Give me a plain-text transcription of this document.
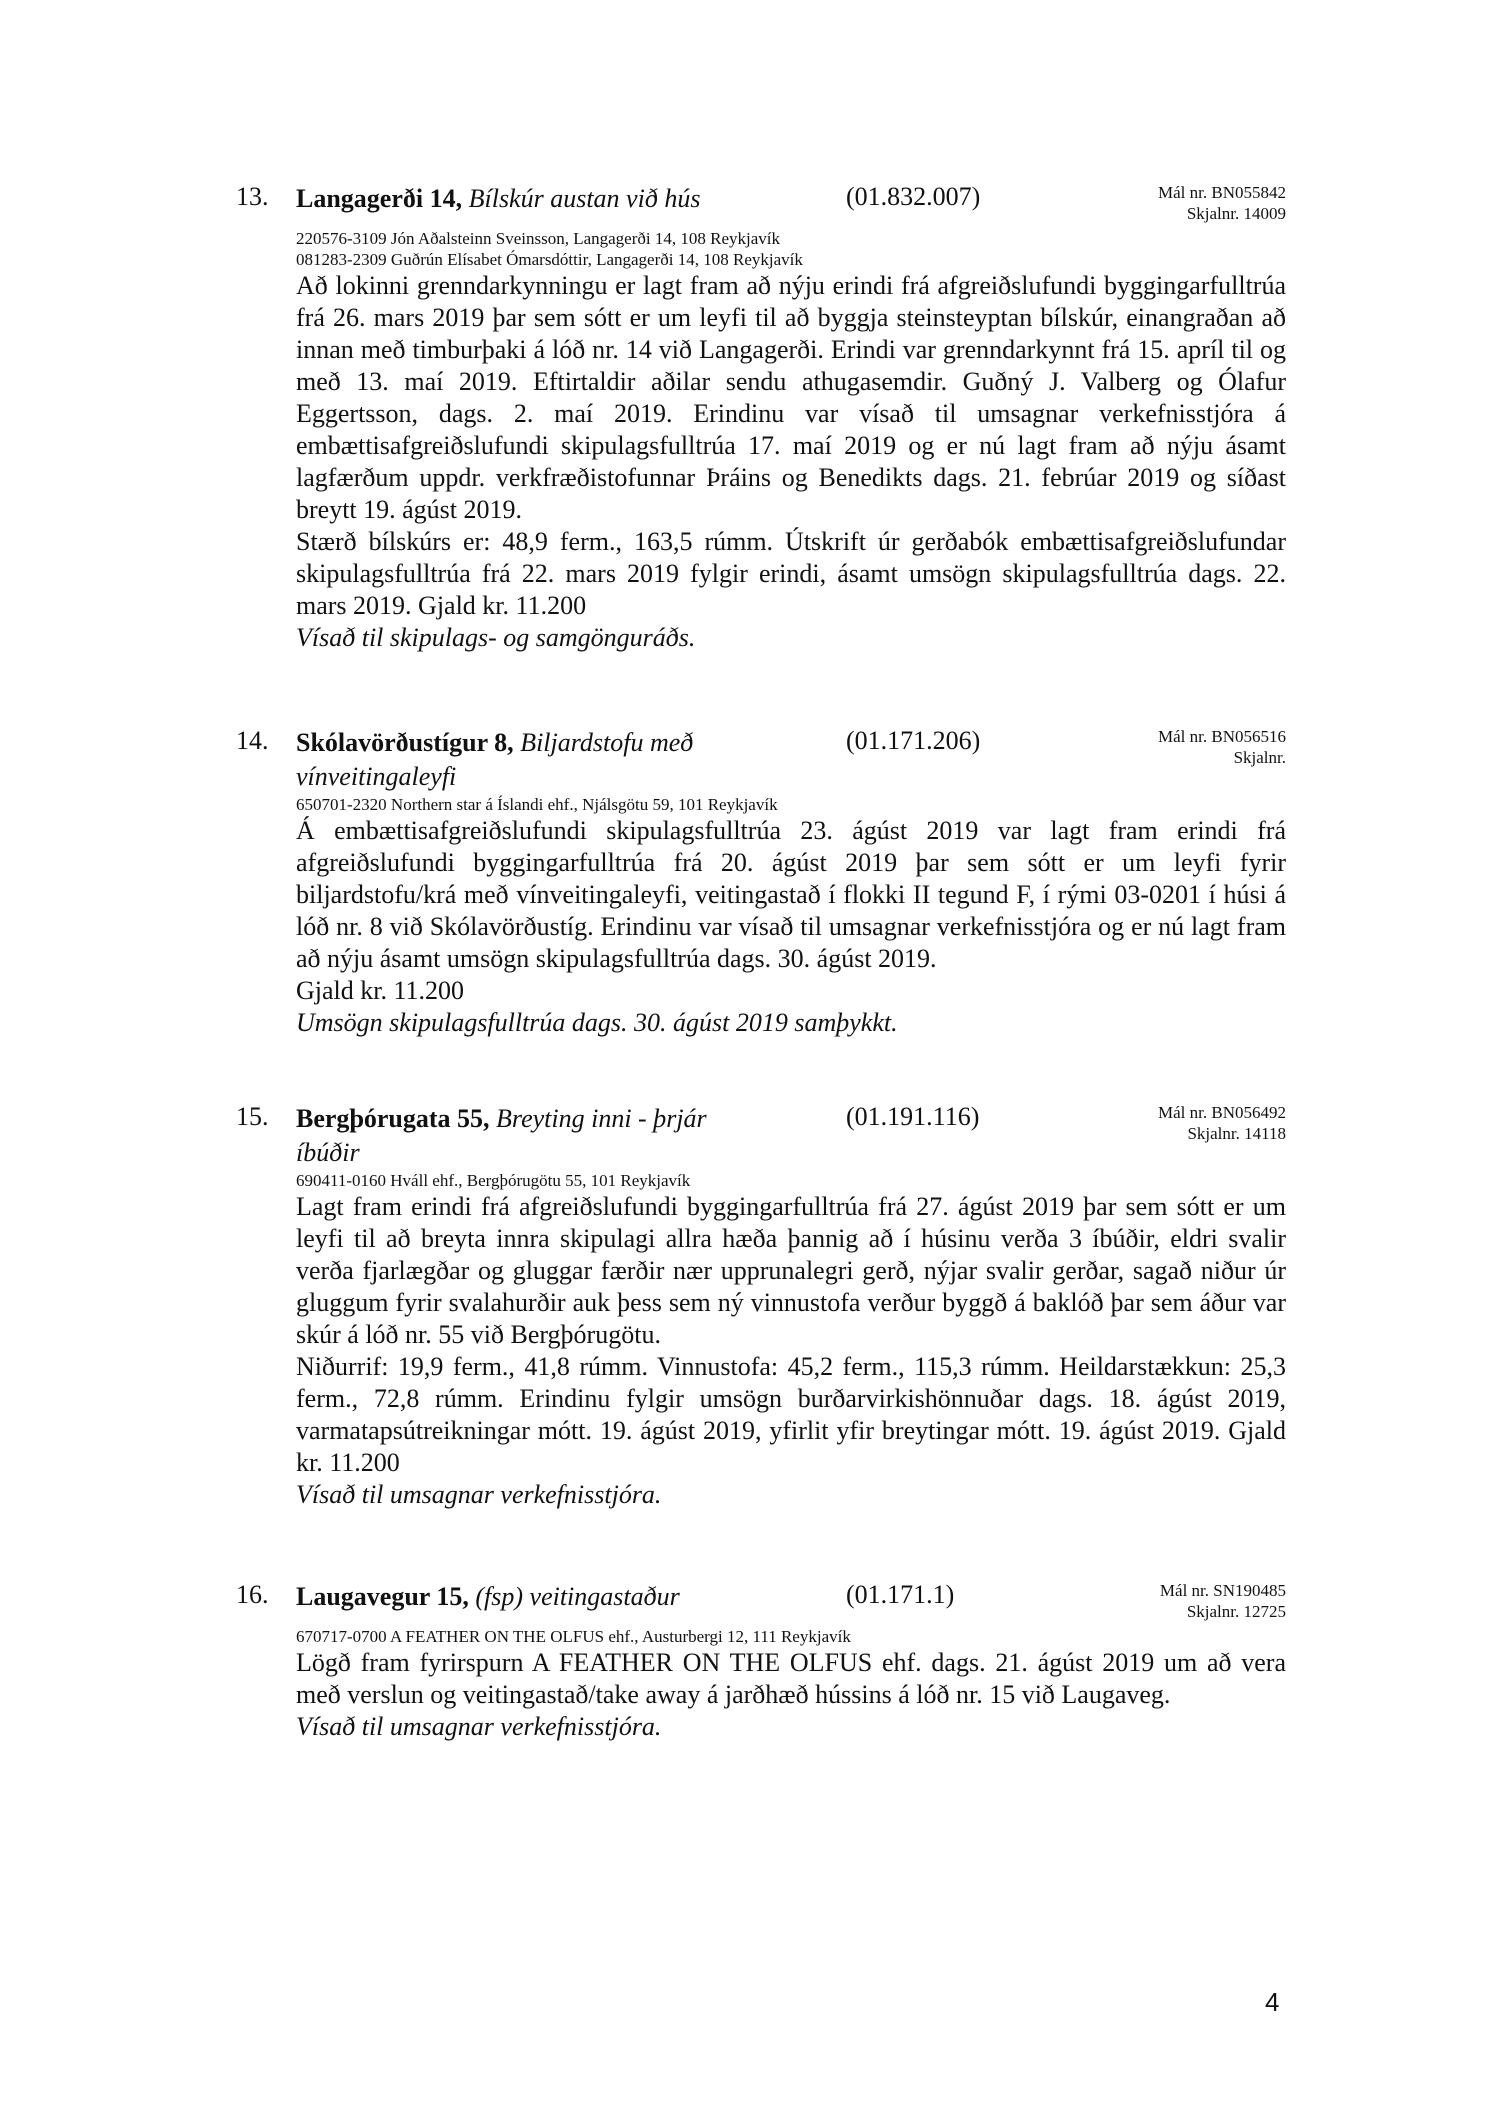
13. Langagerði 14, Bílskúr austan við hús	(01.832.007)	Mál nr. BN055842
Skjalnr. 14009
220576-3109 Jón Aðalsteinn Sveinsson, Langagerði 14, 108 Reykjavík
081283-2309 Guðrún Elísabet Ómarsdóttir, Langagerði 14, 108 Reykjavík

Að lokinni grenndarkynningu er lagt fram að nýju erindi frá afgreiðslufundi byggingarfulltrúa frá 26. mars 2019 þar sem sótt er um leyfi til að byggja steinsteyptan bílskúr, einangraðan að innan með timburþaki á lóð nr. 14 við Langagerði. Erindi var grenndarkynnt frá 15. apríl til og með 13. maí 2019. Eftirtaldir aðilar sendu athugasemdir. Guðný J. Valberg og Ólafur Eggertsson, dags. 2. maí 2019. Erindinu var vísað til umsagnar verkefnisstjóra á embættisafgreiðslufundi skipulagsfulltrúa 17. maí 2019 og er nú lagt fram að nýju ásamt lagfærðum uppdr. verkfræðistofunnar Þráins og Benedikts dags. 21. febrúar 2019 og síðast breytt 19. ágúst 2019.

Stærð bílskúrs er: 48,9 ferm., 163,5 rúmm. Útskrift úr gerðabók embættisafgreiðslufundar skipulagsfulltrúa frá 22. mars 2019 fylgir erindi, ásamt umsögn skipulagsfulltrúa dags. 22. mars 2019. Gjald kr. 11.200

Vísað til skipulags- og samgönguráðs.
14. Skólavörðustígur 8, Biljardstofu með vínveitingaleyfi
(01.171.206)	Mál nr. BN056516
Skjalnr.
650701-2320 Northern star á Íslandi ehf., Njálsgötu 59, 101 Reykjavík

Á embættisafgreiðslufundi skipulagsfulltrúa 23. ágúst 2019 var lagt fram erindi frá afgreiðslufundi byggingarfulltrúa frá 20. ágúst 2019 þar sem sótt er um leyfi fyrir biljardstofu/krá með vínveitingaleyfi, veitingastað í flokki II tegund F, í rými 03-0201 í húsi á lóð nr. 8 við Skólavörðustíg. Erindinu var vísað til umsagnar verkefnisstjóra og er nú lagt fram að nýju ásamt umsögn skipulagsfulltrúa dags. 30. ágúst 2019.

Gjald kr. 11.200

Umsögn skipulagsfulltrúa dags. 30. ágúst 2019 samþykkt.
15. Bergþórugata 55, Breyting inni - þrjár íbúðir
(01.191.116)	Mál nr. BN056492
Skjalnr. 14118
690411-0160 Hváll ehf., Bergþórugötu 55, 101 Reykjavík

Lagt fram erindi frá afgreiðslufundi byggingarfulltrúa frá 27. ágúst 2019 þar sem sótt er um leyfi til að breyta innra skipulagi allra hæða þannig að í húsinu verða 3 íbúðir, eldri svalir verða fjarlægðar og gluggar færðir nær upprunalegri gerð, nýjar svalir gerðar, sagað niður úr gluggum fyrir svalahurðir auk þess sem ný vinnustofa verður byggð á baklóð þar sem áður var skúr á lóð nr. 55 við Bergþórugötu.

Niðurrif: 19,9 ferm., 41,8 rúmm. Vinnustofa: 45,2 ferm., 115,3 rúmm. Heildarstækkun: 25,3 ferm., 72,8 rúmm. Erindinu fylgir umsögn burðarvirkishönnuðar dags. 18. ágúst 2019, varmatapsútreikningar mótt. 19. ágúst 2019, yfirlit yfir breytingar mótt. 19. ágúst 2019. Gjald kr. 11.200

Vísað til umsagnar verkefnisstjóra.
16. Laugavegur 15, (fsp) veitingastaður	(01.171.1)	Mál nr. SN190485
Skjalnr. 12725
670717-0700 A FEATHER ON THE OLFUS ehf., Austurbergi 12, 111 Reykjavík

Lögð fram fyrirspurn A FEATHER ON THE OLFUS ehf. dags. 21. ágúst 2019 um að vera með verslun og veitingastað/take away á jarðhæð hússins á lóð nr. 15 við Laugaveg.

Vísað til umsagnar verkefnisstjóra.
4
